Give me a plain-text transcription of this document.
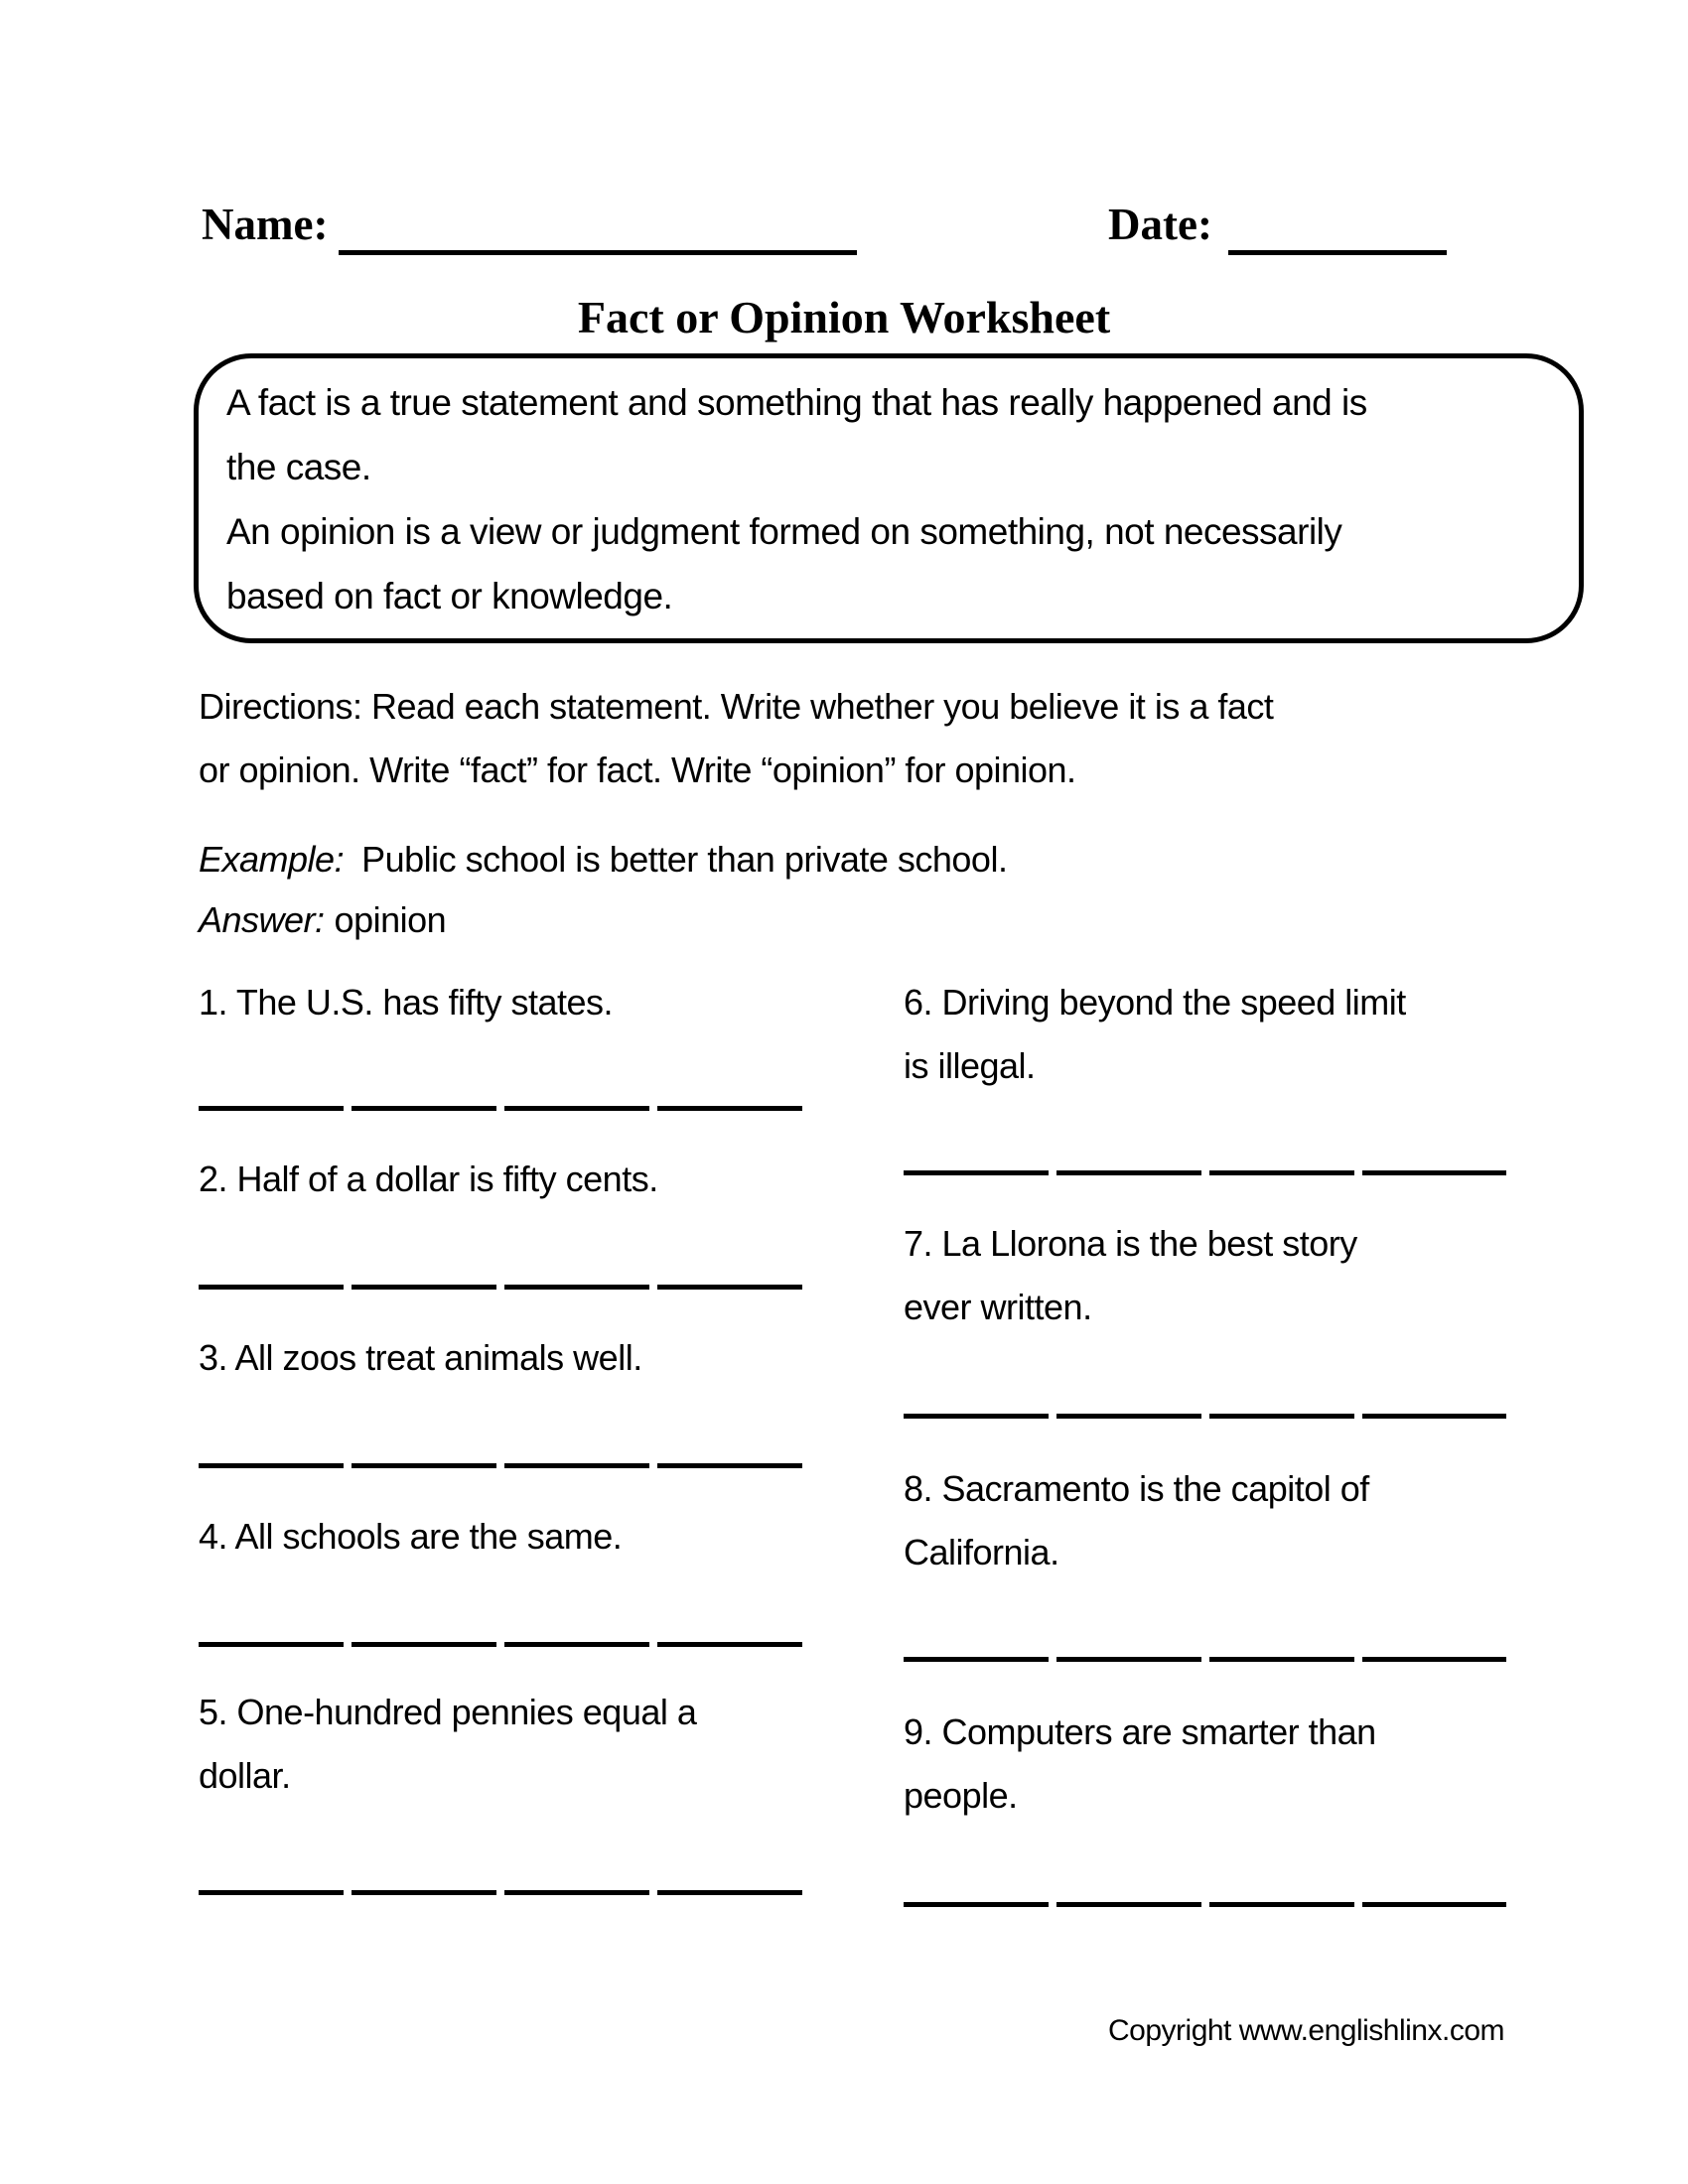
Name:	Date:
Fact or Opinion Worksheet
A fact is a true statement and something that has really happened and is
the case.
An opinion is a view or judgment formed on something, not necessarily
based on fact or knowledge.
Directions: Read each statement. Write whether you believe it is a fact
or opinion. Write “fact” for fact. Write “opinion” for opinion.
Example: Public school is better than private school.
Answer: opinion
1. The U.S. has fifty states.
2. Half of a dollar is fifty cents.
3. All zoos treat animals well.
4. All schools are the same.
5. One-hundred pennies equal a
dollar.
6. Driving beyond the speed limit
is illegal.
7. La Llorona is the best story
ever written.
8. Sacramento is the capitol of
California.
9. Computers are smarter than
people.
Copyright www.englishlinx.com
